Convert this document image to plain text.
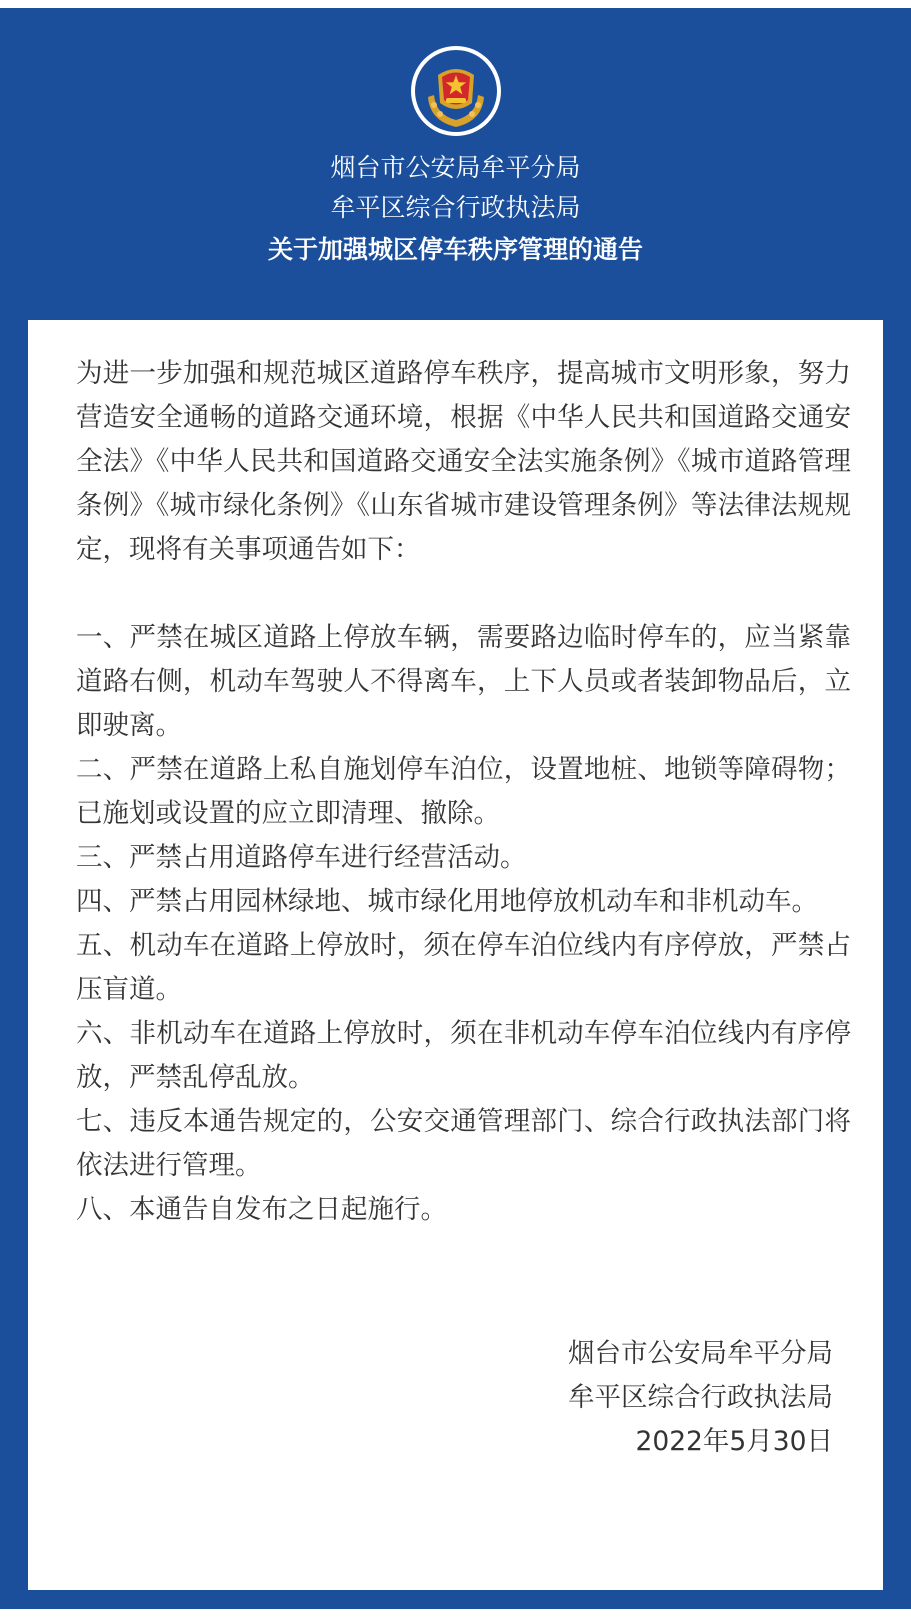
烟台市公安局牟平分局
牟平区综合行政执法局
关于加强城区停车秩序管理的通告

为进一步加强和规范城区道路停车秩序，提高城市文明形象，努力营造安全通畅的道路交通环境，根据《中华人民共和国道路交通安全法》《中华人民共和国道路交通安全法实施条例》《城市道路管理条例》《城市绿化条例》《山东省城市建设管理条例》等法律法规规定，现将有关事项通告如下：

一、严禁在城区道路上停放车辆，需要路边临时停车的，应当紧靠道路右侧，机动车驾驶人不得离车，上下人员或者装卸物品后，立即驶离。

二、严禁在道路上私自施划停车泊位，设置地桩、地锁等障碍物；已施划或设置的应立即清理、撤除。

三、严禁占用道路停车进行经营活动。

四、严禁占用园林绿地、城市绿化用地停放机动车和非机动车。

五、机动车在道路上停放时，须在停车泊位线内有序停放，严禁占压盲道。

六、非机动车在道路上停放时，须在非机动车停车泊位线内有序停放，严禁乱停乱放。

七、违反本通告规定的，公安交通管理部门、综合行政执法部门将依法进行管理。

八、本通告自发布之日起施行。

烟台市公安局牟平分局
牟平区综合行政执法局
2022年5月30日
